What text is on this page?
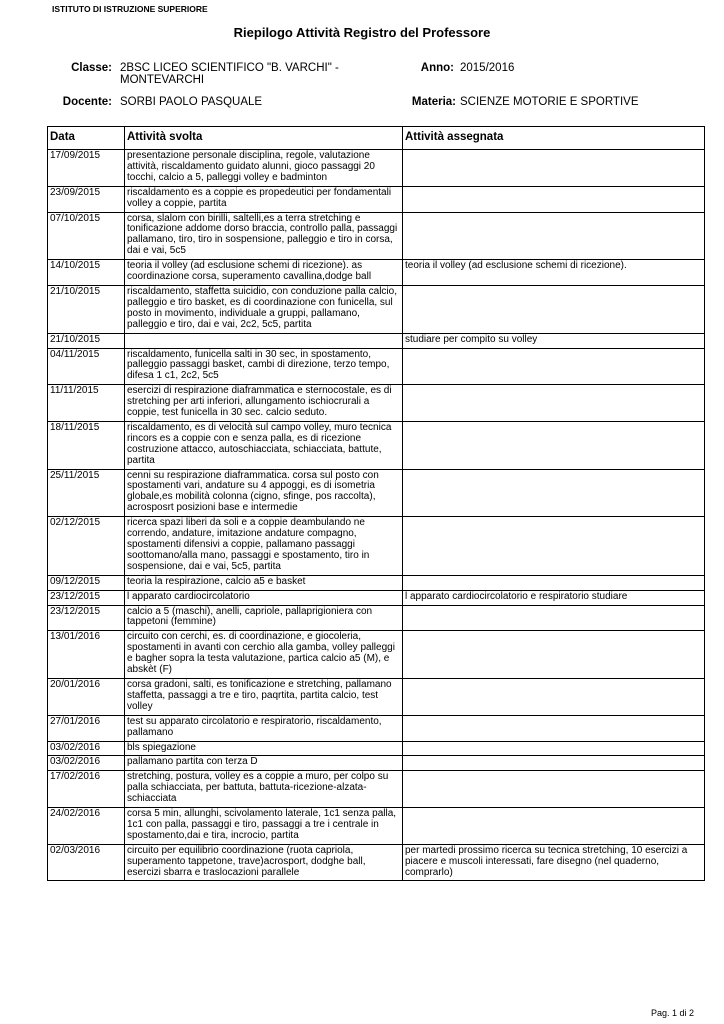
ISTITUTO DI ISTRUZIONE SUPERIORE
Riepilogo Attività Registro del Professore
Classe: 2BSC LICEO SCIENTIFICO "B. VARCHI" - MONTEVARCHI
Anno: 2015/2016
Docente: SORBI PAOLO PASQUALE	Materia: SCIENZE MOTORIE E SPORTIVE
Data	Attività svolta	Attività assegnata
17/09/2015	presentazione personale disciplina, regole, valutazione attività, riscaldamento guidato alunni, gioco passaggi 20 tocchi, calcio a 5, palleggi volley e badminton	
23/09/2015	riscaldamento es a coppie es propedeutici per fondamentali volley a coppie, partita	
07/10/2015	corsa, slalom con birilli, saltelli,es a terra stretching e tonificazione addome dorso braccia, controllo palla, passaggi pallamano, tiro, tiro in sospensione, palleggio e tiro in corsa, dai e vai, 5c5	
14/10/2015	teoria il volley (ad esclusione schemi di ricezione). as coordinazione corsa, superamento cavallina,dodge ball	teoria il volley (ad esclusione schemi di ricezione).
21/10/2015	riscaldamento, staffetta suicidio, con conduzione palla calcio, palleggio e tiro basket, es di coordinazione con funicella, sul posto in movimento, individuale a gruppi, pallamano, palleggio e tiro, dai e vai, 2c2, 5c5, partita	
21/10/2015		studiare per compito su volley
04/11/2015	riscaldamento, funicella salti in 30 sec, in spostamento, palleggio passaggi basket, cambi di direzione, terzo tempo, difesa 1 c1, 2c2, 5c5	
11/11/2015	esercizi di respirazione diaframmatica e sternocostale, es di stretching per arti inferiori, allungamento ischiocrurali a coppie, test funicella in 30 sec. calcio seduto.	
18/11/2015	riscaldamento, es di velocità sul campo volley, muro tecnica rincors es a coppie con e senza palla, es di ricezione costruzione attacco, autoschiacciata, schiacciata, battute, partita	
25/11/2015	cenni su respirazione diaframmatica. corsa sul posto con spostamenti vari, andature su 4 appoggi, es di isometria globale,es mobilità colonna (cigno, sfinge, pos raccolta), acrosposrt posizioni base e intermedie	
02/12/2015	ricerca spazi liberi da soli e a coppie deambulando ne correndo, andature, imitazione andature compagno, spostamenti difensivi a coppie, pallamano passaggi soottomano/alla mano, passaggi e spostamento, tiro in sospensione, dai e vai, 5c5, partita	
09/12/2015	teoria la respirazione, calcio a5 e basket	
23/12/2015	l apparato cardiocircolatorio	l apparato cardiocircolatorio e respiratorio studiare
23/12/2015	calcio a 5 (maschi), anelli, capriole, pallaprigioniera con tappetoni (femmine)	
13/01/2016	circuito con cerchi, es. di coordinazione, e giocoleria, spostamenti in avanti con cerchio alla gamba, volley palleggi e bagher sopra la testa valutazione, partica calcio a5 (M), e abskèt (F)	
20/01/2016	corsa gradoni, salti, es tonificazione e stretching, pallamano staffetta, passaggi a tre e tiro, paqrtita, partita calcio, test volley	
27/01/2016	test su apparato circolatorio e respiratorio, riscaldamento, pallamano	
03/02/2016	bls spiegazione	
03/02/2016	pallamano partita con terza D	
17/02/2016	stretching, postura, volley es a coppie a muro, per colpo su palla schiacciata, per battuta, battuta-ricezione-alzata-schiacciata	
24/02/2016	corsa 5 min, allunghi, scivolamento laterale, 1c1 senza palla, 1c1 con palla, passaggi e tiro, passaggi a tre i centrale in spostamento,dai e tira, incrocio, partita	
02/03/2016	circuito per equilibrio coordinazione (ruota capriola, superamento tappetone, trave)acrosport, dodghe ball, esercizi sbarra e traslocazioni parallele	per martedi prossimo ricerca su tecnica stretching, 10 esercizi a piacere e muscoli interessati, fare disegno (nel quaderno, comprarlo)
Pag. 1 di 2
